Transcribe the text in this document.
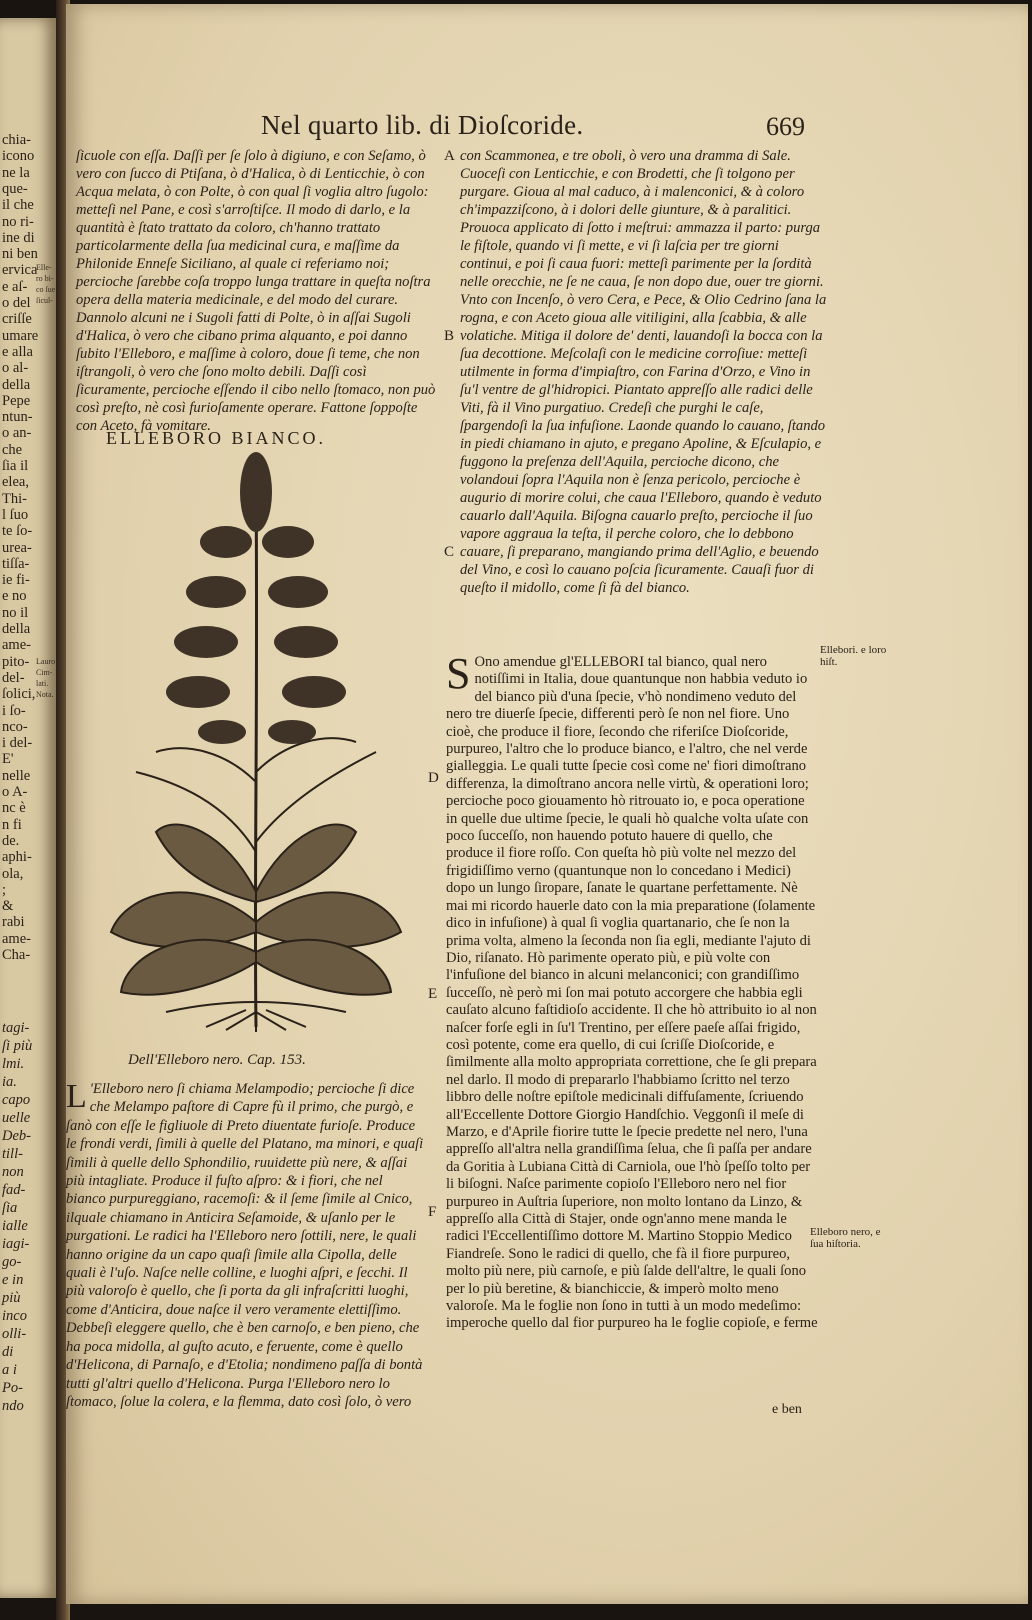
chia-
icono
ne la
que-
il che
no ri-
ine di
ni ben
ervica
e aſ-
o del
criſſe
umare
e alla
o al-
della
Pepe
ntun-
o an-
che
ſia il
elea,
Thi-
l ſuo
te ſo-
urea-
tiſſa-
ie fi-
e no
no il
della
ame-
pito-
del-
ſolici,
i ſo-
nco-
i del-
E'
nelle
o A-
nc è
n fi
de.
aphi-
ola,
;
&
rabi
ame-
Cha-
tagi-
ſi più
lmi.
ia.
capo
uelle
Deb-
till-
non
fad-
ſia
ialle
iagi-
go-
e in
più
inco
olli-
di
a i
Po-
ndo
Elle-
ro bi-
co ſue
ſicul-
Lauro
Cim-
lati.
Nota.
Nel quarto lib. di Dioſcoride.	669

ſicuole con eſſa. Daſſi per ſe ſolo à digiuno, e con Seſamo, ò vero con ſucco di Ptiſana, ò d'Halica, ò di Lenticchie, ò con Acqua melata, ò con Polte, ò con qual ſi voglia altro ſugolo: metteſi nel Pane, e così s'arroſtiſce. Il modo di darlo, e la quantità è ſtato trattato da coloro, ch'hanno trattato particolarmente della ſua medicinal cura, e maſſime da Philonide Enneſe Siciliano, al quale ci referiamo noi; percioche ſarebbe coſa troppo lunga trattare in queſta noſtra opera della materia medicinale, e del modo del curare. Dannolo alcuni ne i Sugoli fatti di Polte, ò in aſſai Sugoli d'Halica, ò vero che cibano prima alquanto, e poi danno ſubito l'Elleboro, e maſſime à coloro, doue ſi teme, che non iſtrangoli, ò vero che ſono molto debili. Daſſi così ſicuramente, percioche eſſendo il cibo nello ſtomaco, non può così preſto, nè così furioſamente operare. Fattone ſoppoſte con Aceto, fà vomitare.

con Scammonea, e tre oboli, ò vero una dramma di Sale. Cuoceſi con Lenticchie, e con Brodetti, che ſi tolgono per purgare. Gioua al mal caduco, à i malenconici, & à coloro ch'impazziſcono, à i dolori delle giunture, & à paralitici. Prouoca applicato di ſotto i meſtrui: ammazza il parto: purga le fiſtole, quando vi ſi mette, e vi ſi laſcia per tre giorni continui, e poi ſi caua fuori: metteſi parimente per la ſordità nelle orecchie, ne ſe ne caua, ſe non dopo due, ouer tre giorni. Vnto con Incenſo, ò vero Cera, e Pece, & Olio Cedrino ſana la rogna, e con Aceto gioua alle vitiligini, alla ſcabbia, & alle volatiche. Mitiga il dolore de' denti, lauandoſi la bocca con la ſua decottione. Meſcolaſi con le medicine corroſiue: metteſi utilmente in forma d'impiaſtro, con Farina d'Orzo, e Vino in ſu'l ventre de gl'hidropici. Piantato appreſſo alle radici delle Viti, fà il Vino purgatiuo. Credeſi che purghi le caſe, ſpargendoſi la ſua infuſione. Laonde quando lo cauano, ſtando in piedi chiamano in ajuto, e pregano Apoline, & Eſculapio, e fuggono la preſenza dell'Aquila, percioche dicono, che volandoui ſopra l'Aquila non è ſenza pericolo, percioche è augurio di morire colui, che caua l'Elleboro, quando è veduto cauarlo dall'Aquila. Biſogna cauarlo preſto, percioche il ſuo vapore aggraua la teſta, il perche coloro, che lo debbono cauare, ſi preparano, mangiando prima dell'Aglio, e beuendo del Vino, e così lo cauano poſcia ſicuramente. Cauaſi fuor di queſto il midollo, come ſi fà del bianco.

A
B
C
D
E
F
ELLEBORO BIANCO.
Dell'Elleboro nero. Cap. 153.
L 'Elleboro nero ſi chiama Melampodio; percioche ſi dice che Melampo paſtore di Capre fù il primo, che purgò, e ſanò con eſſe le figliuole di Preto diuentate furioſe. Produce le frondi verdi, ſimili à quelle del Platano, ma minori, e quaſi ſimili à quelle dello Sphondilio, ruuidette più nere, & aſſai più intagliate. Produce il fuſto aſpro: & i fiori, che nel bianco purpureggiano, racemoſi: & il ſeme ſimile al Cnico, ilquale chiamano in Anticira Seſamoide, & uſanlo per le purgationi. Le radici ha l'Elleboro nero ſottili, nere, le quali hanno origine da un capo quaſi ſimile alla Cipolla, delle quali è l'uſo. Naſce nelle colline, e luoghi aſpri, e ſecchi. Il più valoroſo è quello, che ſi porta da gli infraſcritti luoghi, come d'Anticira, doue naſce il vero veramente elettiſſimo. Debbeſi eleggere quello, che è ben carnoſo, e ben pieno, che ha poca midolla, al guſto acuto, e feruente, come è quello d'Helicona, di Parnaſo, e d'Etolia; nondimeno paſſa di bontà tutti gl'altri quello d'Helicona. Purga l'Elleboro nero lo ſtomaco, ſolue la colera, e la flemma, dato così ſolo, ò vero

S Ono amendue gl'ELLEBORI tal bianco, qual nero notiſſimi in Italia, doue quantunque non habbia veduto io del bianco più d'una ſpecie, v'hò nondimeno veduto del nero tre diuerſe ſpecie, differenti però ſe non nel fiore. Uno cioè, che produce il fiore, ſecondo che riferiſce Dioſcoride, purpureo, l'altro che lo produce bianco, e l'altro, che nel verde gialleggia. Le quali tutte ſpecie così come ne' fiori dimoſtrano differenza, la dimoſtrano ancora nelle virtù, & operationi loro; percioche poco giouamento hò ritrouato io, e poca operatione in quelle due ultime ſpecie, le quali hò qualche volta uſate con poco ſucceſſo, non hauendo potuto hauere di quello, che produce il fiore roſſo. Con queſta hò più volte nel mezzo del frigidiſſimo verno (quantunque non lo concedano i Medici) dopo un lungo ſiropare, ſanate le quartane perfettamente. Nè mai mi ricordo hauerle dato con la mia preparatione (ſolamente dico in infuſione) à qual ſi voglia quartanario, che ſe non la prima volta, almeno la ſeconda non ſia egli, mediante l'ajuto di Dio, riſanato. Hò parimente operato più, e più volte con l'infuſione del bianco in alcuni melanconici; con grandiſſimo ſucceſſo, nè però mi ſon mai potuto accorgere che habbia egli cauſato alcuno faſtidioſo accidente. Il che hò attribuito io al non naſcer forſe egli in ſu'l Trentino, per eſſere paeſe aſſai frigido, così potente, come era quello, di cui ſcriſſe Dioſcoride, e ſimilmente alla molto appropriata correttione, che ſe gli prepara nel darlo. Il modo di prepararlo l'habbiamo ſcritto nel terzo libbro delle noſtre epiſtole medicinali diffuſamente, ſcriuendo all'Eccellente Dottore Giorgio Handſchio. Veggonſi il meſe di Marzo, e d'Aprile fiorire tutte le ſpecie predette nel nero, l'una appreſſo all'altra nella grandiſſima ſelua, che ſi paſſa per andare da Goritia à Lubiana Città di Carniola, oue l'hò ſpeſſo tolto per li biſogni. Naſce parimente copioſo l'Elleboro nero nel fior purpureo in Auſtria ſuperiore, non molto lontano da Linzo, & appreſſo alla Città di Stajer, onde ogn'anno mene manda le radici l'Eccellentiſſimo dottore M. Martino Stoppio Medico Fiandreſe. Sono le radici di quello, che fà il fiore purpureo, molto più nere, più carnoſe, e più ſalde dell'altre, le quali ſono per lo più beretine, & bianchiccie, & imperò molto meno valoroſe. Ma le foglie non ſono in tutti à un modo medeſimo: imperoche quello dal fior purpureo ha le foglie copioſe, e ferme

Ellebori. e loro hiſt.
Elleboro nero, e ſua hiſtoria.
e ben
